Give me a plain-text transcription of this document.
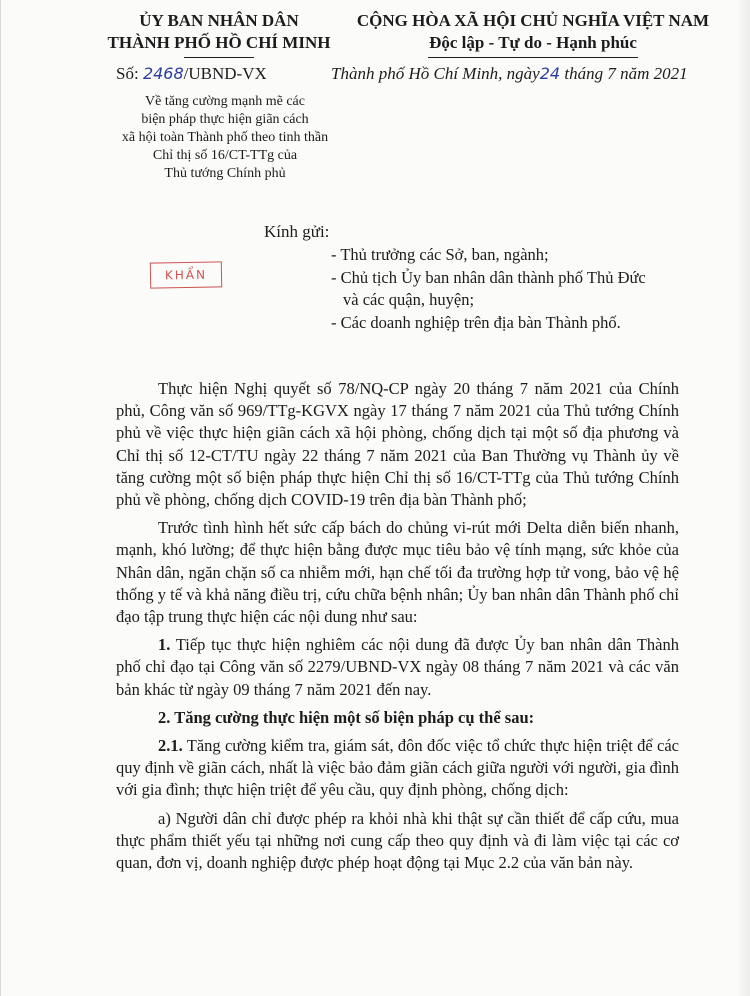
ỦY BAN NHÂN DÂN
THÀNH PHỐ HỒ CHÍ MINH
CỘNG HÒA XÃ HỘI CHỦ NGHĨA VIỆT NAM
Độc lập - Tự do - Hạnh phúc
Số: 2468/UBND-VX	Thành phố Hồ Chí Minh, ngày24 tháng 7 năm 2021
Về tăng cường mạnh mẽ các
biện pháp thực hiện giãn cách
xã hội toàn Thành phố theo tinh thần
Chỉ thị số 16/CT-TTg của
Thủ tướng Chính phủ
Kính gửi:
KHẨN
- Thủ trưởng các Sở, ban, ngành;
- Chủ tịch Ủy ban nhân dân thành phố Thủ Đức
và các quận, huyện;
- Các doanh nghiệp trên địa bàn Thành phố.

Thực hiện Nghị quyết số 78/NQ-CP ngày 20 tháng 7 năm 2021 của Chính phủ, Công văn số 969/TTg-KGVX ngày 17 tháng 7 năm 2021 của Thủ tướng Chính phủ về việc thực hiện giãn cách xã hội phòng, chống dịch tại một số địa phương và Chỉ thị số 12-CT/TU ngày 22 tháng 7 năm 2021 của Ban Thường vụ Thành ủy về tăng cường một số biện pháp thực hiện Chỉ thị số 16/CT-TTg của Thủ tướng Chính phủ về phòng, chống dịch COVID-19 trên địa bàn Thành phố;

Trước tình hình hết sức cấp bách do chủng vi-rút mới Delta diễn biến nhanh, mạnh, khó lường; để thực hiện bằng được mục tiêu bảo vệ tính mạng, sức khỏe của Nhân dân, ngăn chặn số ca nhiễm mới, hạn chế tối đa trường hợp tử vong, bảo vệ hệ thống y tế và khả năng điều trị, cứu chữa bệnh nhân; Ủy ban nhân dân Thành phố chỉ đạo tập trung thực hiện các nội dung như sau:

1. Tiếp tục thực hiện nghiêm các nội dung đã được Ủy ban nhân dân Thành phố chỉ đạo tại Công văn số 2279/UBND-VX ngày 08 tháng 7 năm 2021 và các văn bản khác từ ngày 09 tháng 7 năm 2021 đến nay.

2. Tăng cường thực hiện một số biện pháp cụ thể sau:

2.1. Tăng cường kiểm tra, giám sát, đôn đốc việc tổ chức thực hiện triệt để các quy định về giãn cách, nhất là việc bảo đảm giãn cách giữa người với người, gia đình với gia đình; thực hiện triệt để yêu cầu, quy định phòng, chống dịch:

a) Người dân chỉ được phép ra khỏi nhà khi thật sự cần thiết để cấp cứu, mua thực phẩm thiết yếu tại những nơi cung cấp theo quy định và đi làm việc tại các cơ quan, đơn vị, doanh nghiệp được phép hoạt động tại Mục 2.2 của văn bản này.
